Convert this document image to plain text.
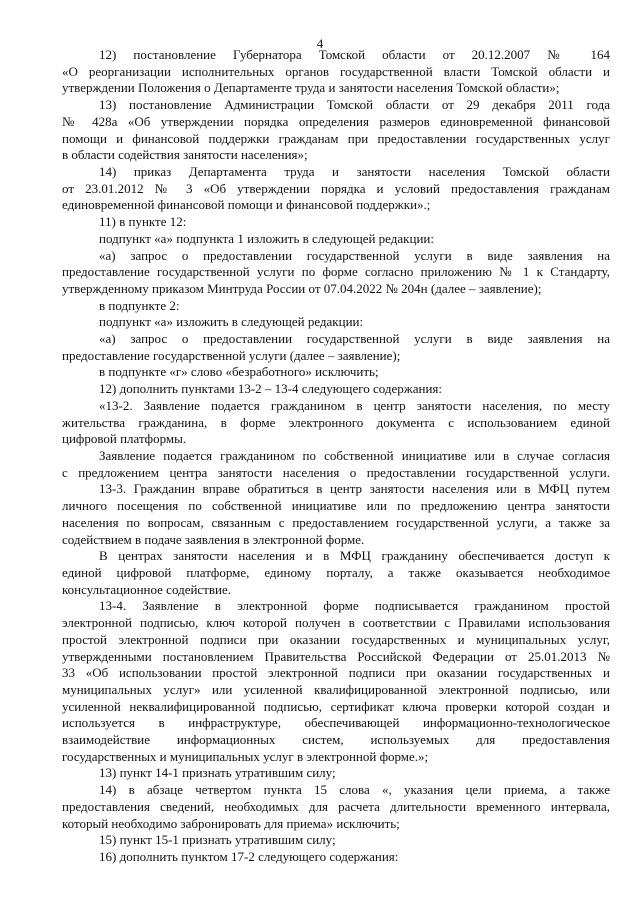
4
12) постановление Губернатора Томской области от 20.12.2007 № 164
«О реорганизации исполнительных органов государственной власти Томской области и
утверждении Положения о Департаменте труда и занятости населения Томской области»;
13) постановление Администрации Томской области от 29 декабря 2011 года
№ 428а «Об утверждении порядка определения размеров единовременной финансовой
помощи и финансовой поддержки гражданам при предоставлении государственных услуг
в области содействия занятости населения»;
14) приказ Департамента труда и занятости населения Томской области
от 23.01.2012 № 3 «Об утверждении порядка и условий предоставления гражданам
единовременной финансовой помощи и финансовой поддержки».;
11) в пункте 12:
подпункт «а» подпункта 1 изложить в следующей редакции:
«а) запрос о предоставлении государственной услуги в виде заявления на
предоставление государственной услуги по форме согласно приложению № 1 к Стандарту,
утвержденному приказом Минтруда России от 07.04.2022 № 204н (далее – заявление);
в подпункте 2:
подпункт «а» изложить в следующей редакции:
«а) запрос о предоставлении государственной услуги в виде заявления на
предоставление государственной услуги (далее – заявление);
в подпункте «г» слово «безработного» исключить;
12) дополнить пунктами 13-2 – 13-4 следующего содержания:
«13-2. Заявление подается гражданином в центр занятости населения, по месту
жительства гражданина, в форме электронного документа с использованием единой
цифровой платформы.
Заявление подается гражданином по собственной инициативе или в случае согласия
с предложением центра занятости населения о предоставлении государственной услуги.
13-3. Гражданин вправе обратиться в центр занятости населения или в МФЦ путем
личного посещения по собственной инициативе или по предложению центра занятости
населения по вопросам, связанным с предоставлением государственной услуги, а также за
содействием в подаче заявления в электронной форме.
В центрах занятости населения и в МФЦ гражданину обеспечивается доступ к
единой цифровой платформе, единому порталу, а также оказывается необходимое
консультационное содействие.
13-4. Заявление в электронной форме подписывается гражданином простой
электронной подписью, ключ которой получен в соответствии с Правилами использования
простой электронной подписи при оказании государственных и муниципальных услуг,
утвержденными постановлением Правительства Российской Федерации от 25.01.2013 №
33 «Об использовании простой электронной подписи при оказании государственных и
муниципальных услуг» или усиленной квалифицированной электронной подписью, или
усиленной неквалифицированной подписью, сертификат ключа проверки которой создан и
используется в инфраструктуре, обеспечивающей информационно-технологическое
взаимодействие информационных систем, используемых для предоставления
государственных и муниципальных услуг в электронной форме.»;
13) пункт 14-1 признать утратившим силу;
14) в абзаце четвертом пункта 15 слова «, указания цели приема, а также
предоставления сведений, необходимых для расчета длительности временного интервала,
который необходимо забронировать для приема» исключить;
15) пункт 15-1 признать утратившим силу;
16) дополнить пунктом 17-2 следующего содержания:
